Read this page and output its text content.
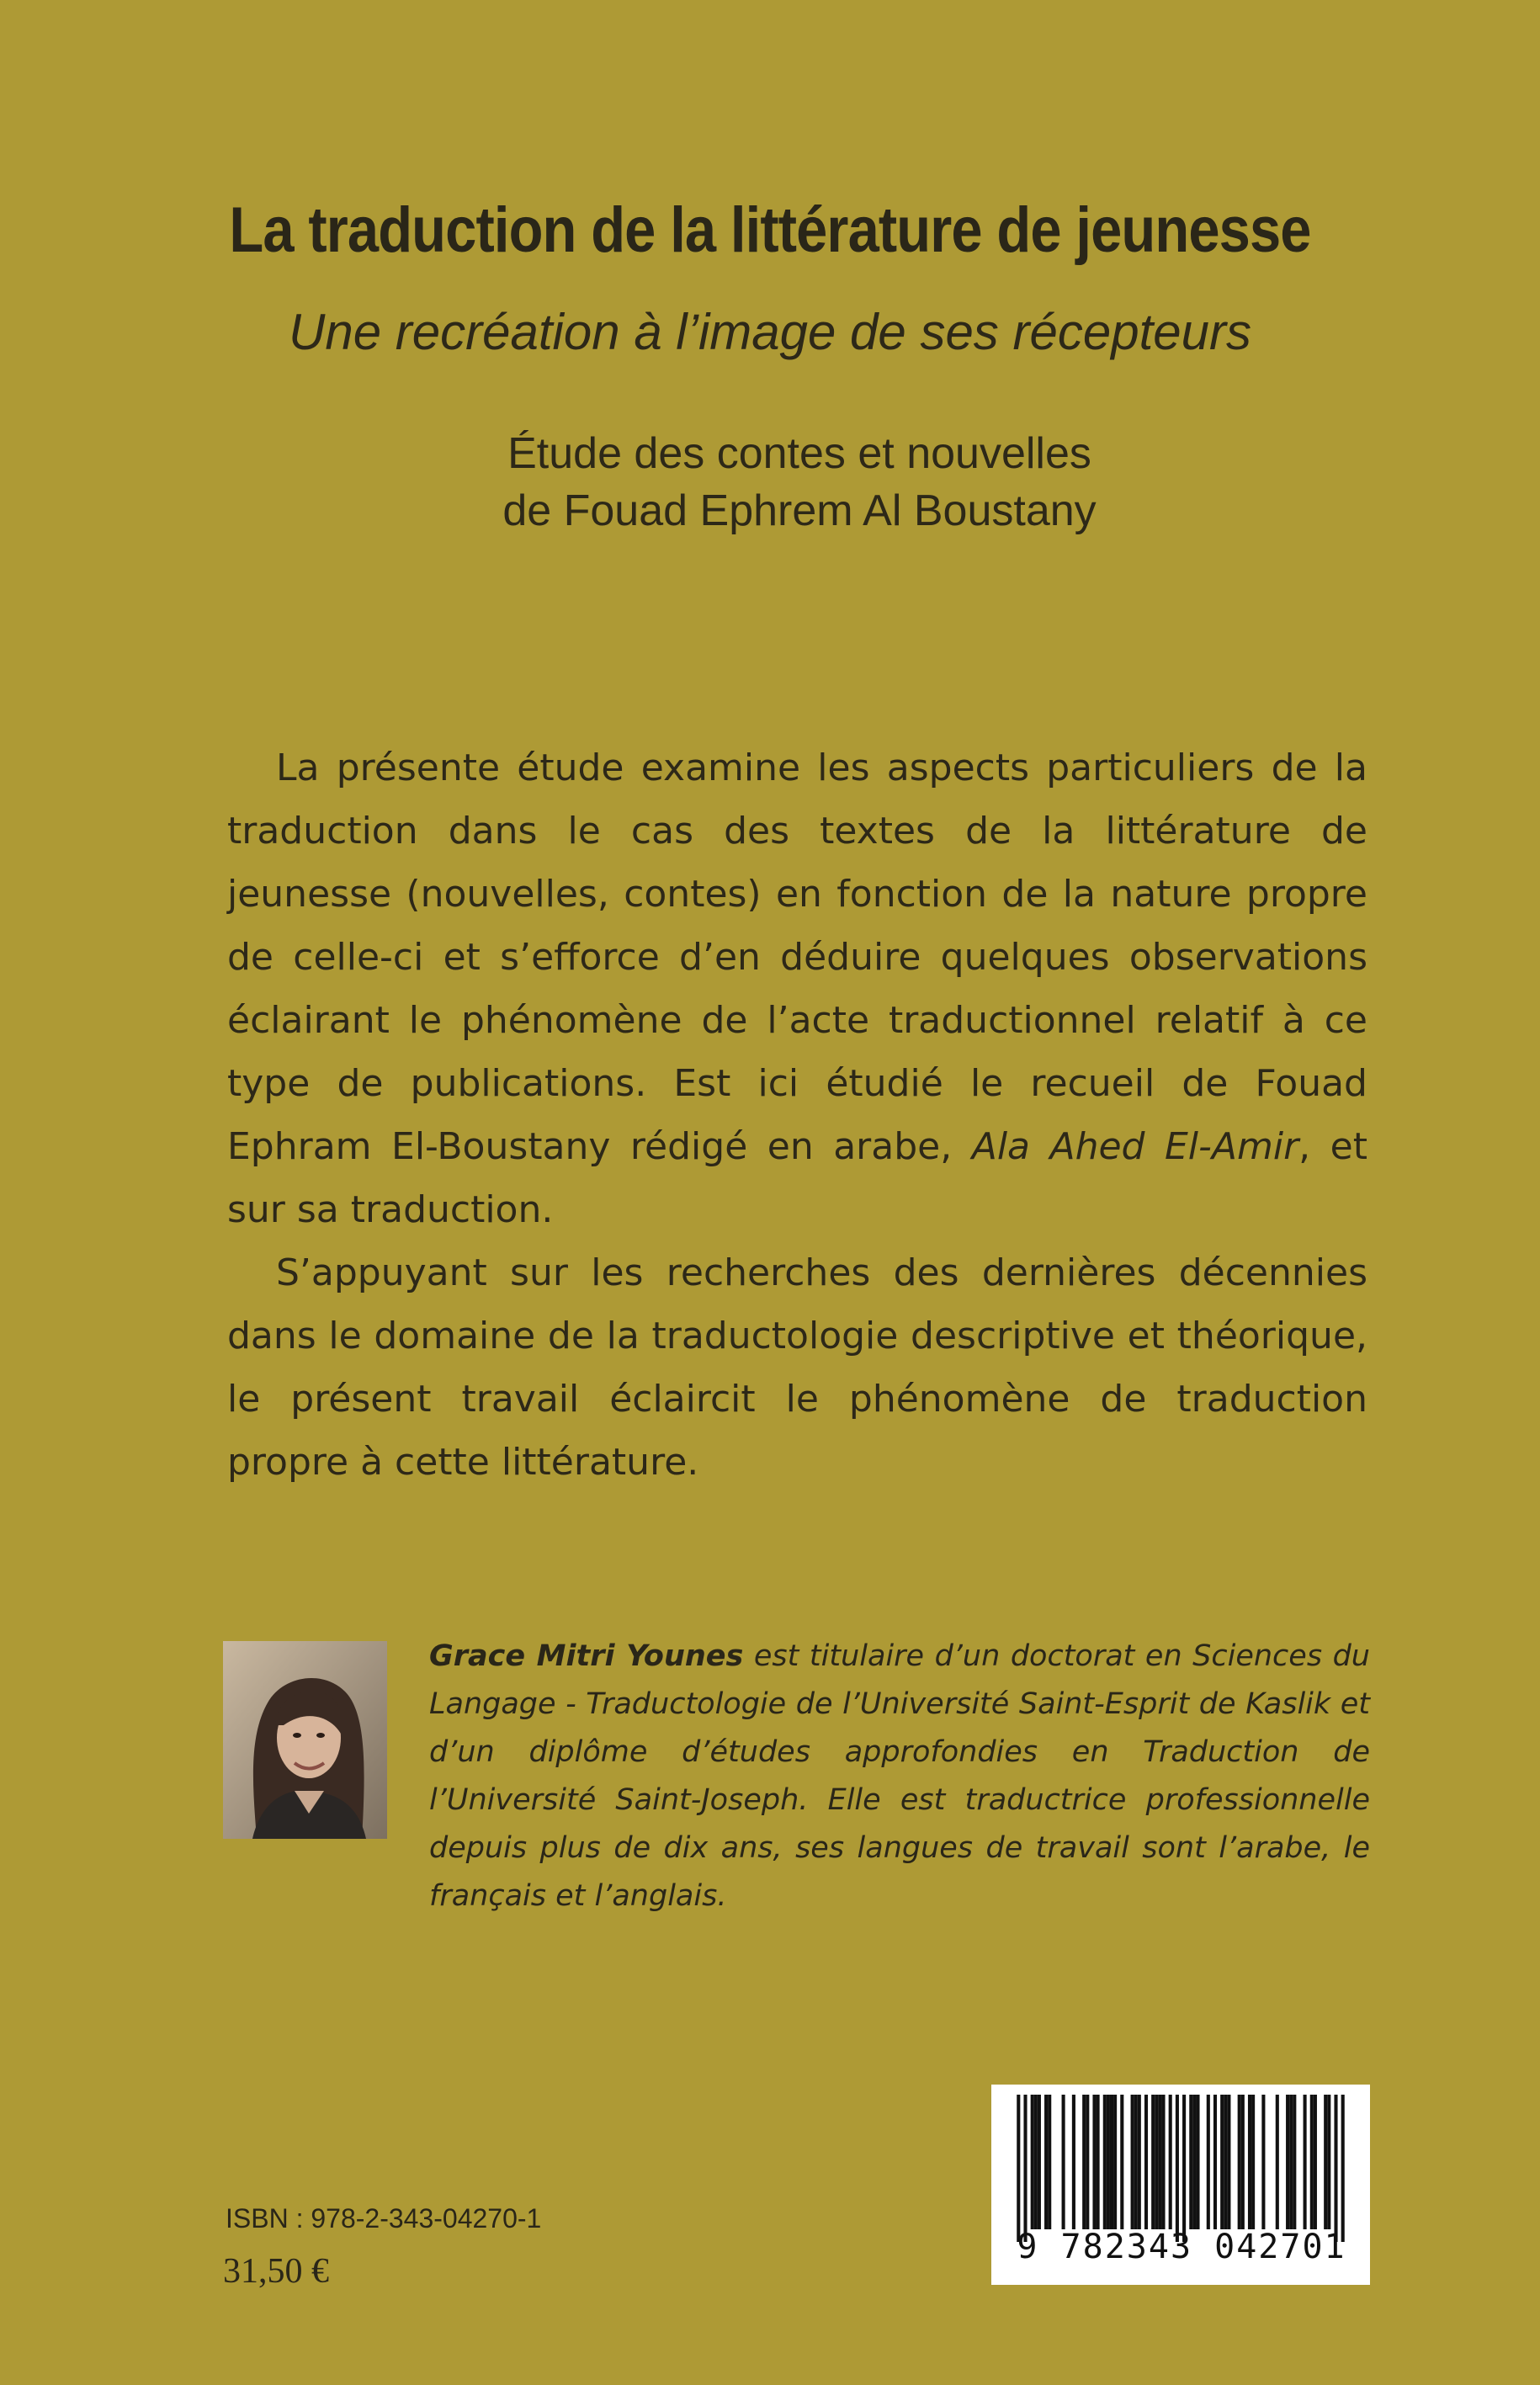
La traduction de la littérature de jeunesse
Une recréation à l’image de ses récepteurs
Étude des contes et nouvelles
de Fouad Ephrem Al Boustany

La présente étude examine les aspects particuliers de la traduction dans le cas des textes de la littérature de jeunesse (nouvelles, contes) en fonction de la nature propre de celle-ci et s’efforce d’en déduire quelques observations éclairant le phénomène de l’acte traductionnel relatif à ce type de publications. Est ici étudié le recueil de Fouad Ephram El-Boustany rédigé en arabe, Ala Ahed El-Amir, et sur sa traduction.

S’appuyant sur les recherches des dernières décennies dans le domaine de la traductologie descriptive et théorique, le présent travail éclaircit le phénomène de traduction propre à cette littérature.

Grace Mitri Younes est titulaire d’un doctorat en Sciences du Langage - Traductologie de l’Université Saint-Esprit de Kaslik et d’un diplôme d’études approfondies en Traduction de l’Université Saint-Joseph. Elle est traductrice professionnelle depuis plus de dix ans, ses langues de travail sont l’arabe, le français et l’anglais.
ISBN : 978-2-343-04270-1
31,50 €
9 782343 042701
